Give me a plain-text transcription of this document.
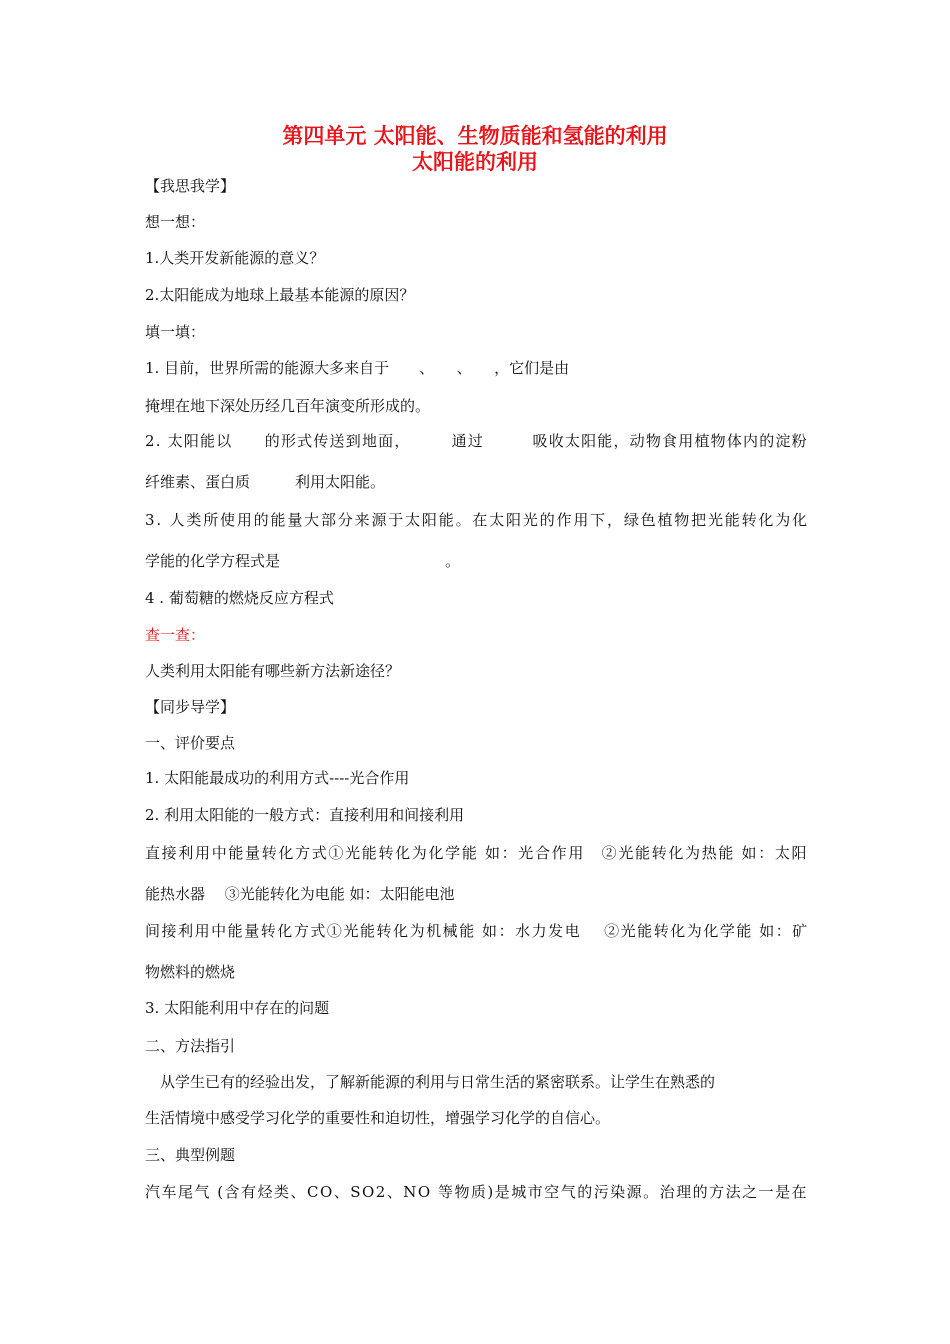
第四单元 太阳能、生物质能和氢能的利用
太阳能的利用

【我思我学】

想一想：

1.人类开发新能源的意义？

2.太阳能成为地球上最基本能源的原因？

填一填：

1. 目前，世界所需的能源大多来自于　　、　　、　　，它们是由

掩埋在地下深处历经几百年演变所形成的。

2. 太阳能以　　的形式传送到地面，　　　通过　　　吸收太阳能，动物食用植物体内的淀粉

纤维素、蛋白质　　　利用太阳能。

3. 人类所使用的能量大部分来源于太阳能。在太阳光的作用下，绿色植物把光能转化为化

学能的化学方程式是　　　　　　　　　　　。

4 . 葡萄糖的燃烧反应方程式

查一查：

人类利用太阳能有哪些新方法新途径？

【同步导学】

一、评价要点

1. 太阳能最成功的利用方式----光合作用

2. 利用太阳能的一般方式：直接利用和间接利用

直接利用中能量转化方式①光能转化为化学能 如：光合作用　②光能转化为热能 如：太阳

能热水器　 ③光能转化为电能 如：太阳能电池

间接利用中能量转化方式①光能转化为机械能 如：水力发电　 ②光能转化为化学能 如：矿

物燃料的燃烧

3. 太阳能利用中存在的问题

二、方法指引

　从学生已有的经验出发，了解新能源的利用与日常生活的紧密联系。让学生在熟悉的

生活情境中感受学习化学的重要性和迫切性，增强学习化学的自信心。

三、典型例题

汽车尾气 (含有烃类、CO、SO2、NO 等物质)是城市空气的污染源。治理的方法之一是在
